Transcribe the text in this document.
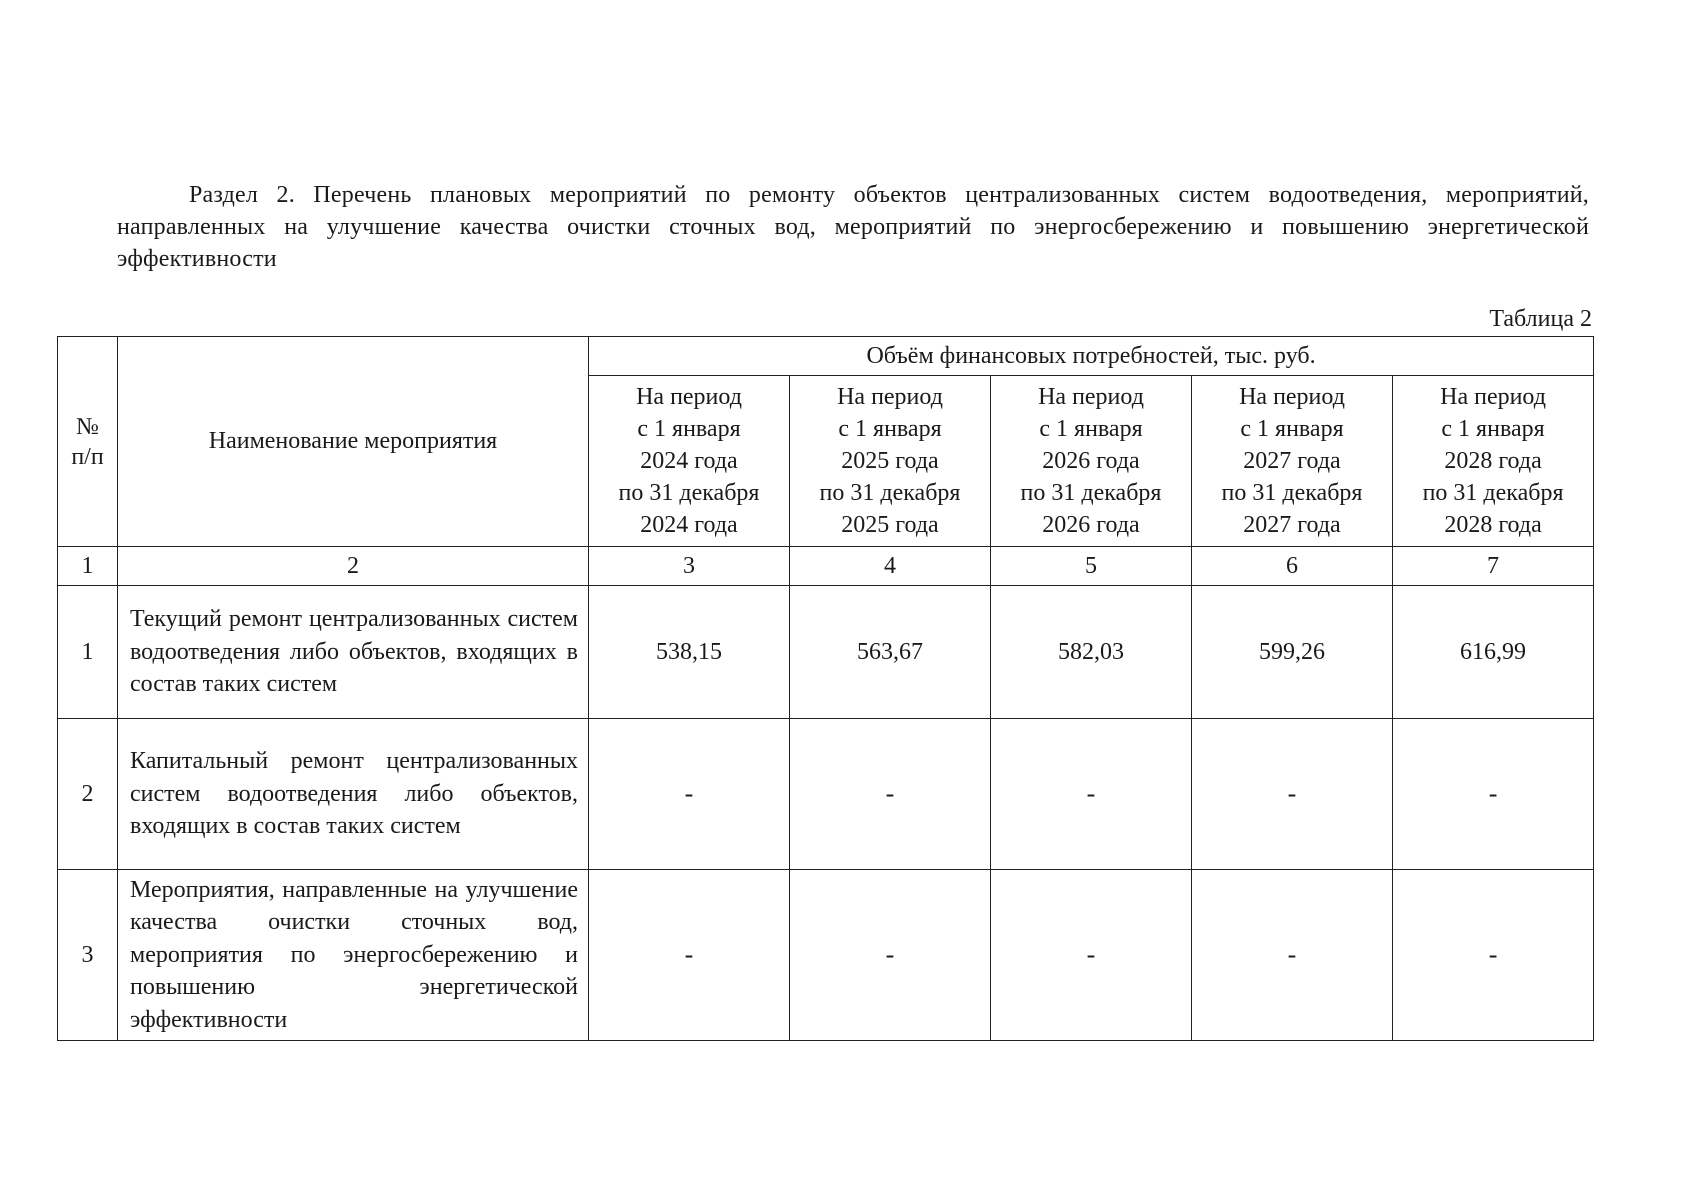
Раздел 2. Перечень плановых мероприятий по ремонту объектов централизованных систем водоотведения, мероприятий, направленных на улучшение качества очистки сточных вод, мероприятий по энергосбережению и повышению энергетической эффективности
Таблица 2
№
п/п	Наименование мероприятия	Объём финансовых потребностей, тыс. руб.				
		На период
с 1 января
2024 года
по 31 декабря
2024 года	На период
с 1 января
2025 года
по 31 декабря
2025 года	На период
с 1 января
2026 года
по 31 декабря
2026 года	На период
с 1 января
2027 года
по 31 декабря
2027 года	На период
с 1 января
2028 года
по 31 декабря
2028 года
1	2	3	4	5	6	7
1	Текущий ремонт централизованных систем водоотведения либо объектов, входящих в состав таких систем	538,15	563,67	582,03	599,26	616,99
2	Капитальный ремонт централизованных систем водоотведения либо объектов, входящих в состав таких систем	-	-	-	-	-
3	Мероприятия, направленные на улучшение качества очистки сточных вод, мероприятия по энергосбережению и повышению энергетической эффективности	-	-	-	-	-
